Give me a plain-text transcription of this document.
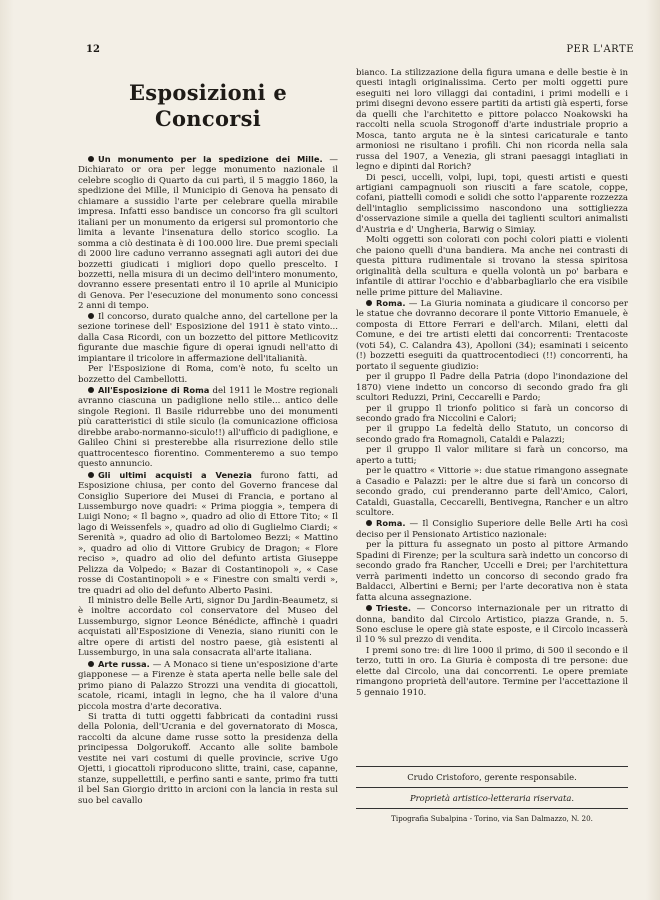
12	PER L'ARTE
Esposizioni e Concorsi

Un monumento per la spedizione dei Mille. — Dichiarato or ora per legge monumento nazionale il celebre scoglio di Quarto da cui partì, il 5 maggio 1860, la spedizione dei Mille, il Municipio di Genova ha pensato di chiamare a sussidio l'arte per celebrare quella mirabile impresa. Infatti esso bandisce un concorso fra gli scultori italiani per un monumento da erigersi sul promontorio che limita a levante l'insenatura dello storico scoglio. La somma a ciò destinata è di 100.000 lire. Due premi speciali di 2000 lire caduno verranno assegnati agli autori dei due bozzetti giudicati i migliori dopo quello prescelto. I bozzetti, nella misura di un decimo dell'intero monumento, dovranno essere presentati entro il 10 aprile al Municipio di Genova. Per l'esecuzione del monumento sono concessi 2 anni di tempo.

Il concorso, durato qualche anno, del cartellone per la sezione torinese dell' Esposizione del 1911 è stato vinto... dalla Casa Ricordi, con un bozzetto del pittore Metlicovitz figurante due maschie figure di operai ignudi nell'atto di impiantare il tricolore in affermazione dell'italianità.

Per l'Esposizione di Roma, com'è noto, fu scelto un bozzetto del Cambellotti.

All'Esposizione di Roma del 1911 le Mostre regionali avranno ciascuna un padiglione nello stile... antico delle singole Regioni. Il Basile ridurrebbe uno dei monumenti più caratteristici di stile siculo (la comunicazione officiosa direbbe arabo-normanno-siculo!!) all'ufficio di padiglione, e Galileo Chini si presterebbe alla risurrezione dello stile quattrocentesco fiorentino. Commenteremo a suo tempo questo annuncio.

Gli ultimi acquisti a Venezia furono fatti, ad Esposizione chiusa, per conto del Governo francese dal Consiglio Superiore dei Musei di Francia, e portano al Lussemburgo nove quadri: « Prima pioggia », tempera di Luigi Nono; « Il bagno », quadro ad olio di Ettore Tito; « Il lago di Weissenfels », quadro ad olio di Guglielmo Ciardi; « Serenità », quadro ad olio di Bartolomeo Bezzi; « Mattino », quadro ad olio di Vittore Grubicy de Dragon; « Flore reciso », quadro ad olio del defunto artista Giuseppe Pelizza da Volpedo; « Bazar di Costantinopoli », « Case rosse di Costantinopoli » e « Finestre con smalti verdi », tre quadri ad olio del defunto Alberto Pasini.

Il ministro delle Belle Arti, signor Du Jardin-Beaumetz, si è inoltre accordato col conservatore del Museo del Lussemburgo, signor Leonce Bénédicte, affinchè i quadri acquistati all'Esposizione di Venezia, siano riuniti con le altre opere di artisti del nostro paese, già esistenti al Lussemburgo, in una sala consacrata all'arte italiana.

Arte russa. — A Monaco si tiene un'esposizione d'arte giapponese — a Firenze è stata aperta nelle belle sale del primo piano di Palazzo Strozzi una vendita di giocattoli, scatole, ricami, intagli in legno, che ha il valore d'una piccola mostra d'arte decorativa.

Si tratta di tutti oggetti fabbricati da contadini russi della Polonia, dell'Ucrania e del governatorato di Mosca, raccolti da alcune dame russe sotto la presidenza della principessa Dolgorukoff. Accanto alle solite bambole vestite nei vari costumi di quelle provincie, scrive Ugo Ojetti, i giocattoli riproducono slitte, traini, case, capanne, stanze, suppellettili, e perfino santi e sante, primo fra tutti il bel San Giorgio dritto in arcioni con la lancia in resta sul suo bel cavallo

bianco. La stilizzazione della figura umana e delle bestie è in questi intagli originalissima. Certo per molti oggetti pure eseguiti nei loro villaggi dai contadini, i primi modelli e i primi disegni devono essere partiti da artisti già esperti, forse da quelli che l'architetto e pittore polacco Noakowski ha raccolti nella scuola Strogonoff d'arte industriale proprio a Mosca, tanto arguta ne è la sintesi caricaturale e tanto armoniosi ne risultano i profili. Chi non ricorda nella sala russa del 1907, a Venezia, gli strani paesaggi intagliati in legno e dipinti dal Rorich?

Di pesci, uccelli, volpi, lupi, topi, questi artisti e questi artigiani campagnuoli son riusciti a fare scatole, coppe, cofani, piattelli comodi e solidi che sotto l'apparente rozzezza dell'intaglio semplicissimo nascondono una sottigliezza d'osservazione simile a quella dei taglienti scultori animalisti d'Austria e d' Ungheria, Barwig o Simiay.

Molti oggetti son colorati con pochi colori piatti e violenti che paiono quelli d'una bandiera. Ma anche nei contrasti di questa pittura rudimentale si trovano la stessa spiritosa originalità della scultura e quella volontà un po' barbara e infantile di attirar l'occhio e d'abbarbagliarlo che era visibile nelle prime pitture del Maliavine.

Roma. — La Giuria nominata a giudicare il concorso per le statue che dovranno decorare il ponte Vittorio Emanuele, è composta di Ettore Ferrari e dell'arch. Milani, eletti dal Comune, e dei tre artisti eletti dai concorrenti: Trentacoste (voti 54), C. Calandra 43), Apolloni (34); esaminati i seicento (!) bozzetti eseguiti da quattrocentodieci (!!) concorrenti, ha portato il seguente giudizio:

per il gruppo Il Padre della Patria (dopo l'inondazione del 1870) viene indetto un concorso di secondo grado fra gli scultori Reduzzi, Prini, Ceccarelli e Pardo;

per il gruppo Il trionfo politico si farà un concorso di secondo grado fra Niccolini e Calori;

per il gruppo La fedeltà dello Statuto, un concorso di secondo grado fra Romagnoli, Cataldi e Palazzi;

per il gruppo Il valor militare si farà un concorso, ma aperto a tutti;

per le quattro « Vittorie »: due statue rimangono assegnate a Casadio e Palazzi: per le altre due si farà un concorso di secondo grado, cui prenderanno parte dell'Amico, Calori, Cataldi, Guastalla, Ceccarelli, Bentivegna, Rancher e un altro scultore.

Roma. — Il Consiglio Superiore delle Belle Arti ha così deciso per il Pensionato Artistico nazionale:

per la pittura fu assegnato un posto al pittore Armando Spadini di Firenze; per la scultura sarà indetto un concorso di secondo grado fra Rancher, Uccelli e Drei; per l'architettura verrà parimenti indetto un concorso di secondo grado fra Baldacci, Albertini e Berni; per l'arte decorativa non è stata fatta alcuna assegnazione.

Trieste. — Concorso internazionale per un ritratto di donna, bandito dal Circolo Artistico, piazza Grande, n. 5. Sono escluse le opere già state esposte, e il Circolo incasserà il 10 % sul prezzo di vendita.

I premi sono tre: di lire 1000 il primo, di 500 il secondo e il terzo, tutti in oro. La Giuria è composta di tre persone: due elette dal Circolo, una dai concorrenti. Le opere premiate rimangono proprietà dell'autore. Termine per l'accettazione il 5 gennaio 1910.

Crudo Cristoforo, gerente responsabile.
Proprietà artistico-letteraria riservata.
Tipografia Subalpina - Torino, via San Dalmazzo, N. 20.
